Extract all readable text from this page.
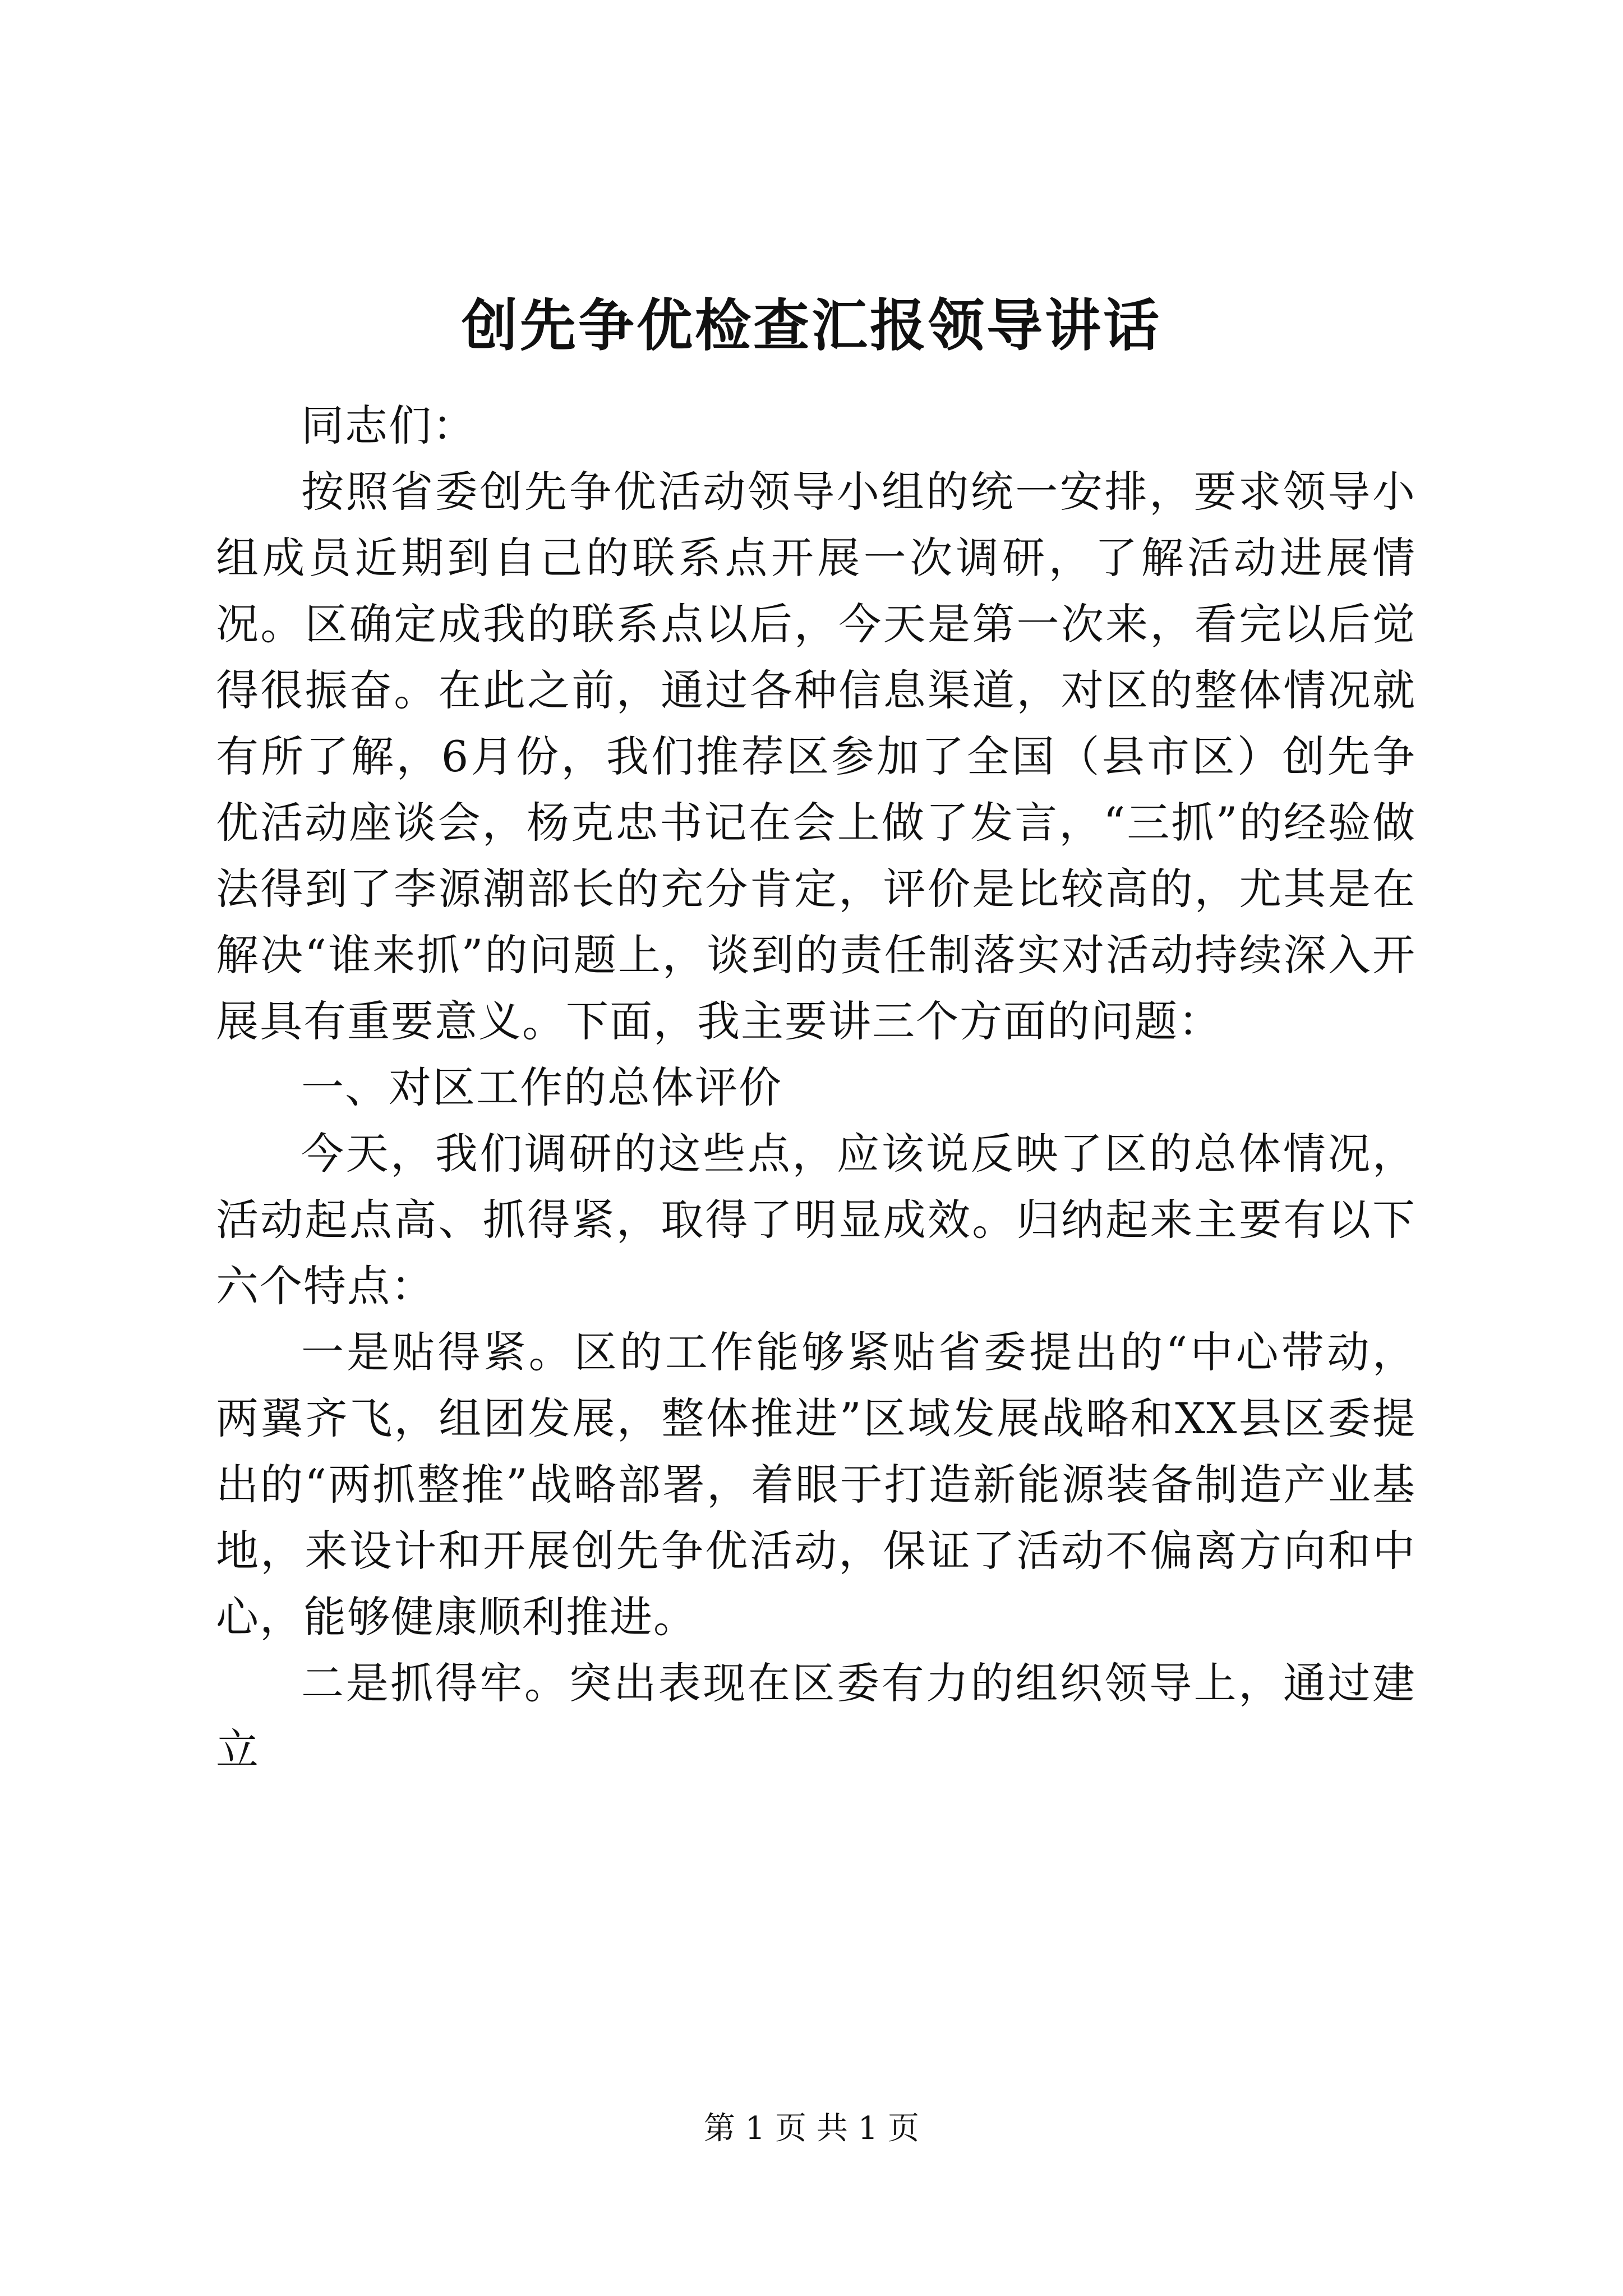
创先争优检查汇报领导讲话

同志们：

按照省委创先争优活动领导小组的统一安排，要求领导小组成员近期到自己的联系点开展一次调研，了解活动进展情况。区确定成我的联系点以后，今天是第一次来，看完以后觉得很振奋。在此之前，通过各种信息渠道，对区的整体情况就有所了解，6月份，我们推荐区参加了全国（县市区）创先争优活动座谈会，杨克忠书记在会上做了发言，“三抓”的经验做法得到了李源潮部长的充分肯定，评价是比较高的，尤其是在解决“谁来抓”的问题上，谈到的责任制落实对活动持续深入开展具有重要意义。下面，我主要讲三个方面的问题：

一、对区工作的总体评价

今天，我们调研的这些点，应该说反映了区的总体情况，活动起点高、抓得紧，取得了明显成效。归纳起来主要有以下六个特点：

一是贴得紧。区的工作能够紧贴省委提出的“中心带动，两翼齐飞，组团发展，整体推进”区域发展战略和XX县区委提出的“两抓整推”战略部署，着眼于打造新能源装备制造产业基地，来设计和开展创先争优活动，保证了活动不偏离方向和中心，能够健康顺利推进。

二是抓得牢。突出表现在区委有力的组织领导上，通过建立

第 1 页 共 1 页
